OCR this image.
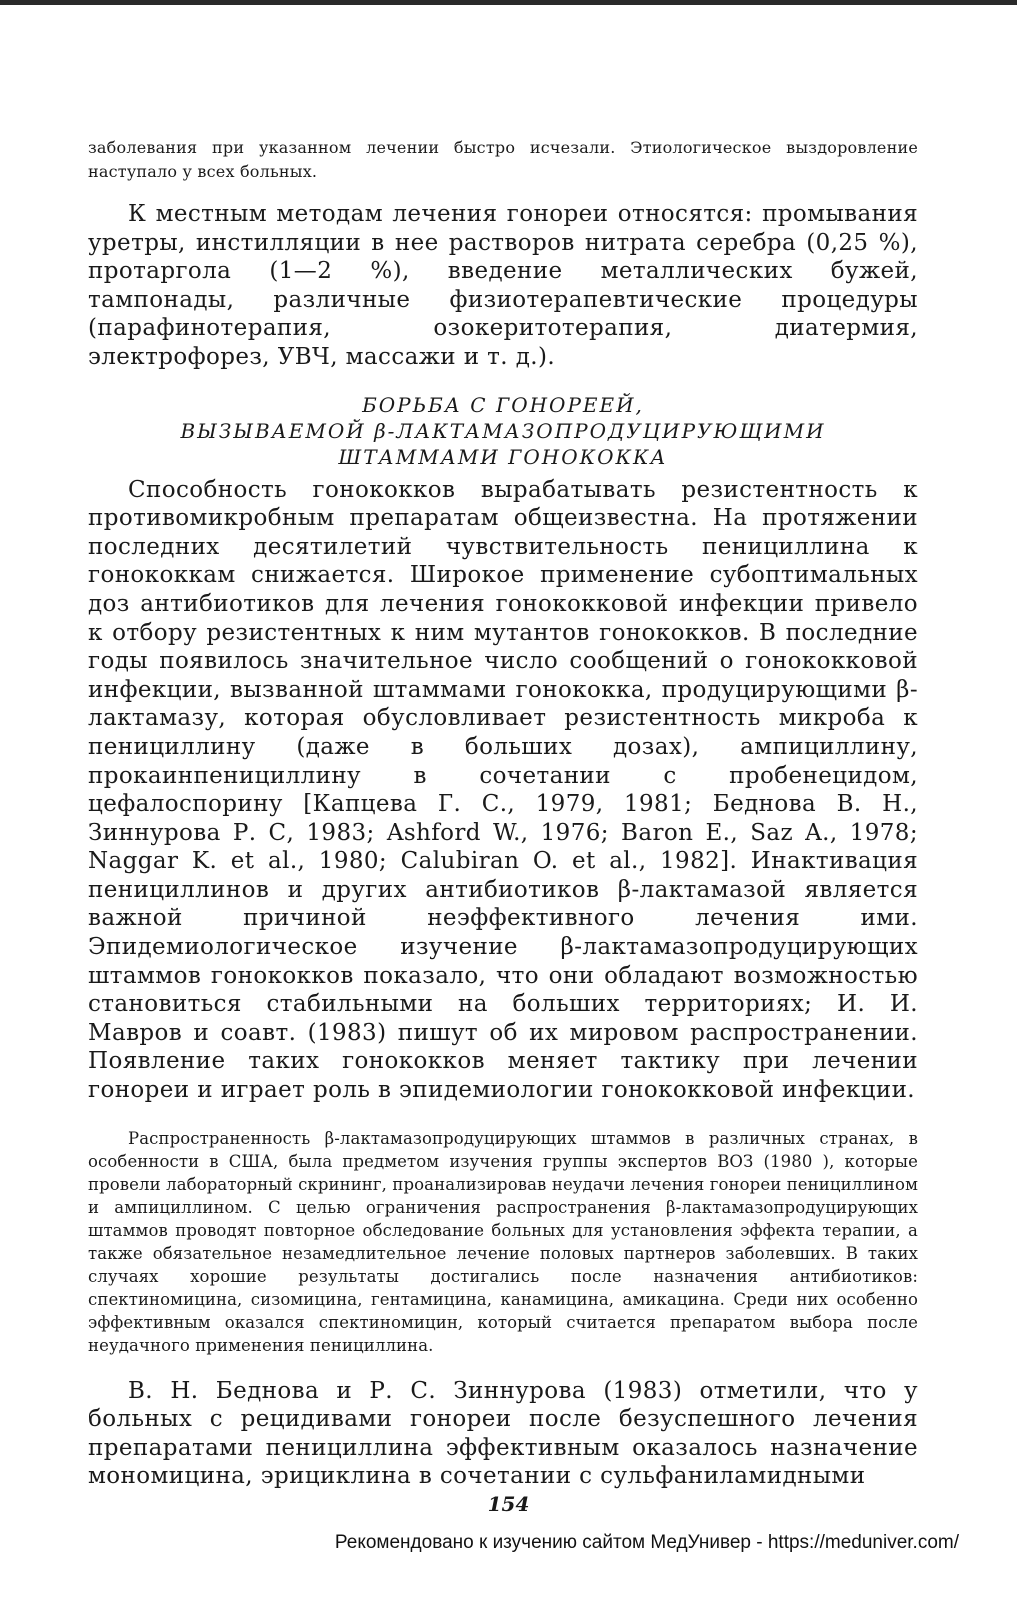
заболевания при указанном лечении быстро исчезали. Этиологическое выздоровление наступало у всех больных.

К местным методам лечения гонореи относятся: промывания уретры, инстилляции в нее растворов нитрата серебра (0,25 %), протаргола (1—2 %), введение металлических бужей, тампонады, различные физиотерапевтические процедуры (парафинотерапия, озокеритотерапия, диатермия, электрофорез, УВЧ, массажи и т. д.).

БОРЬБА С ГОНОРЕЕЙ,
ВЫЗЫВАЕМОЙ β-ЛАКТАМАЗОПРОДУЦИРУЮЩИМИ
ШТАММАМИ ГОНОКОККА

Способность гонококков вырабатывать резистентность к противомикробным препаратам общеизвестна. На протяжении последних десятилетий чувствительность пенициллина к гонококкам снижается. Широкое применение субоптимальных доз антибиотиков для лечения гонококковой инфекции привело к отбору резистентных к ним мутантов гонококков. В последние годы появилось значительное число сообщений о гонококковой инфекции, вызванной штаммами гонококка, продуцирующими β-лактамазу, которая обусловливает резистентность микроба к пенициллину (даже в больших дозах), ампициллину, прокаинпенициллину в сочетании с пробенецидом, цефалоспорину [Капцева Г. С., 1979, 1981; Беднова В. Н., Зиннурова Р. С, 1983; Ashford W., 1976; Baron E., Saz A., 1978; Naggar K. et al., 1980; Calubiran O. et al., 1982]. Инактивация пенициллинов и других антибиотиков β-лактамазой является важной причиной неэффективного лечения ими. Эпидемиологическое изучение β-лактамазопродуцирующих штаммов гонококков показало, что они обладают возможностью становиться стабильными на больших территориях; И. И. Мавров и соавт. (1983) пишут об их мировом распространении. Появление таких гонококков меняет тактику при лечении гонореи и играет роль в эпидемиологии гонококковой инфекции.

Распространенность β-лактамазопродуцирующих штаммов в различных странах, в особенности в США, была предметом изучения группы экспертов ВОЗ (1980 ), которые провели лабораторный скрининг, проанализировав неудачи лечения гонореи пенициллином и ампициллином. С целью ограничения распространения β-лактамазопродуцирующих штаммов проводят повторное обследование больных для установления эффекта терапии, а также обязательное незамедлительное лечение половых партнеров заболевших. В таких случаях хорошие результаты достигались после назначения антибиотиков: спектиномицина, сизомицина, гентамицина, канамицина, амикацина. Среди них особенно эффективным оказался спектиномицин, который считается препаратом выбора после неудачного применения пенициллина.

В. Н. Беднова и Р. С. Зиннурова (1983) отметили, что у больных с рецидивами гонореи после безуспешного лечения препаратами пенициллина эффективным оказалось назначение мономицина, эрициклина в сочетании с сульфаниламидными

154
Рекомендовано к изучению сайтом МедУнивер - https://meduniver.com/
